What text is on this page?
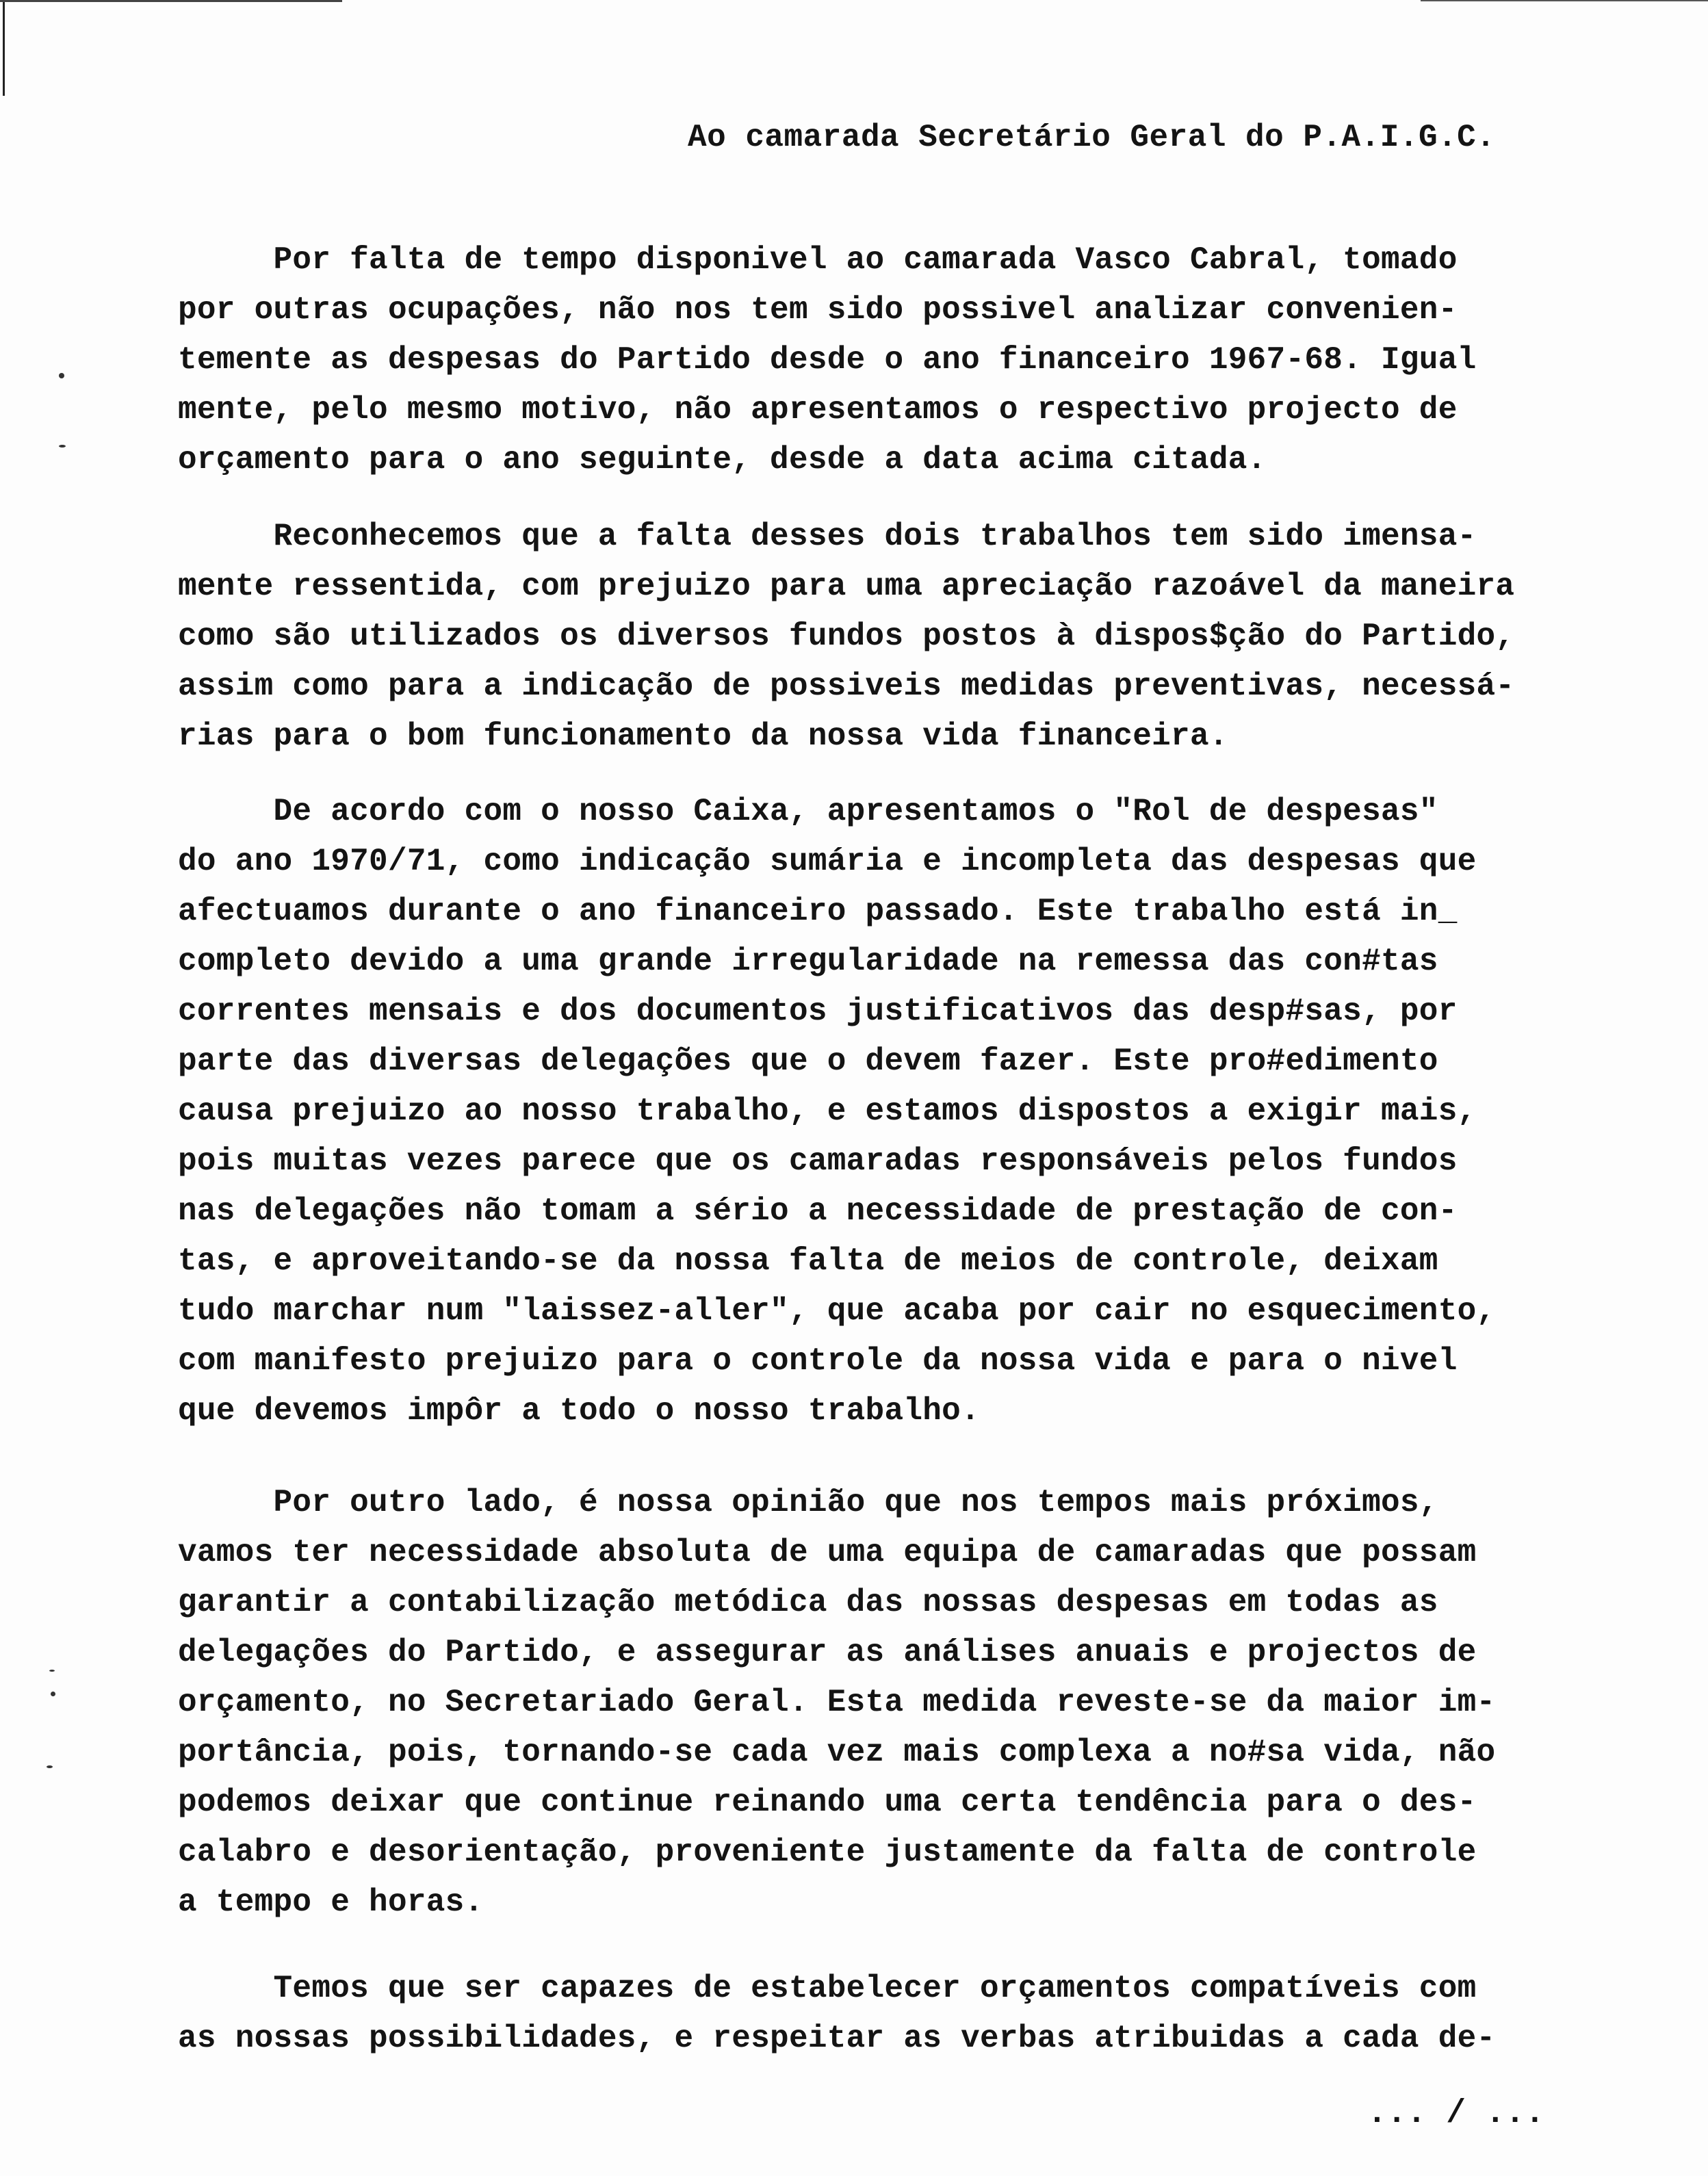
Ao camarada Secretário Geral do P.A.I.G.C.
Por falta de tempo disponivel ao camarada Vasco Cabral, tomado
por outras ocupações, não nos tem sido possivel analizar convenien-
temente as despesas do Partido desde o ano financeiro 1967-68. Igual
mente, pelo mesmo motivo, não apresentamos o respectivo projecto de
orçamento para o ano seguinte, desde a data acima citada.
Reconhecemos que a falta desses dois trabalhos tem sido imensa-
mente ressentida, com prejuizo para uma apreciação razoável da maneira
como são utilizados os diversos fundos postos à dispos$ção do Partido,
assim como para a indicação de possiveis medidas preventivas, necessá-
rias para o bom funcionamento da nossa vida financeira.
De acordo com o nosso Caixa, apresentamos o "Rol de despesas"
do ano 1970/71, como indicação sumária e incompleta das despesas que
afectuamos durante o ano financeiro passado. Este trabalho está in_
completo devido a uma grande irregularidade na remessa das con#tas
correntes mensais e dos documentos justificativos das desp#sas, por
parte das diversas delegações que o devem fazer. Este pro#edimento
causa prejuizo ao nosso trabalho, e estamos dispostos a exigir mais,
pois muitas vezes parece que os camaradas responsáveis pelos fundos
nas delegações não tomam a sério a necessidade de prestação de con-
tas, e aproveitando-se da nossa falta de meios de controle, deixam
tudo marchar num "laissez-aller", que acaba por cair no esquecimento,
com manifesto prejuizo para o controle da nossa vida e para o nivel
que devemos impôr a todo o nosso trabalho.
Por outro lado, é nossa opinião que nos tempos mais próximos,
vamos ter necessidade absoluta de uma equipa de camaradas que possam
garantir a contabilização metódica das nossas despesas em todas as
delegações do Partido, e assegurar as análises anuais e projectos de
orçamento, no Secretariado Geral. Esta medida reveste-se da maior im-
portância, pois, tornando-se cada vez mais complexa a no#sa vida, não
podemos deixar que continue reinando uma certa tendência para o des-
calabro e desorientação, proveniente justamente da falta de controle
a tempo e horas.
Temos que ser capazes de estabelecer orçamentos compatíveis com
as nossas possibilidades, e respeitar as verbas atribuidas a cada de-
... / ...
